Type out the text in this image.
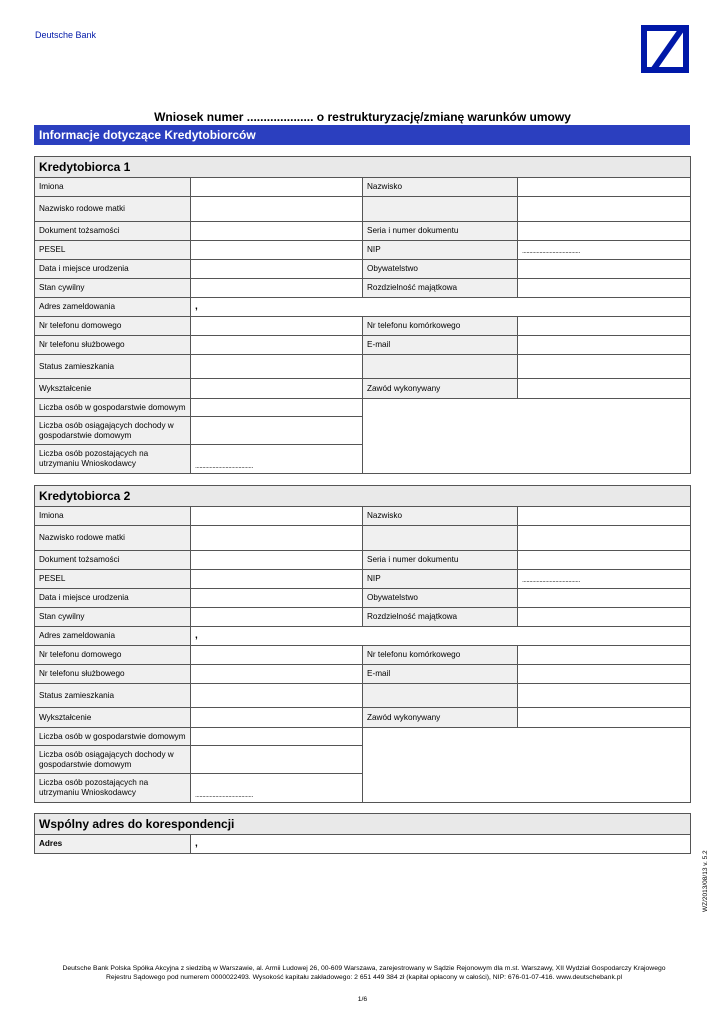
Deutsche Bank
Wniosek numer .................... o restrukturyzację/zmianę warunków umowy
Informacje dotyczące Kredytobiorców
Kredytobiorca 1			
Imiona		Nazwisko	
Nazwisko rodowe matki			
Dokument tożsamości		Seria i numer dokumentu	
PESEL		NIP	........................................

Data i miejsce urodzenia		Obywatelstwo	
Stan cywilny		Rozdzielność majątkowa	
Adres zameldowania	,		
Nr telefonu domowego		Nr telefonu komórkowego	
Nr telefonu służbowego		E-mail	
Status zamieszkania			
Wykształcenie		Zawód wykonywany	
Liczba osób w gospodarstwie domowym			
Liczba osób osiągających dochody w gospodarstwie domowym			
Liczba osób pozostających na utrzymaniu Wnioskodawcy	........................................		
Kredytobiorca 2			
Imiona		Nazwisko	
Nazwisko rodowe matki			
Dokument tożsamości		Seria i numer dokumentu	
PESEL		NIP	........................................

Data i miejsce urodzenia		Obywatelstwo	
Stan cywilny		Rozdzielność majątkowa	
Adres zameldowania	,		
Nr telefonu domowego		Nr telefonu komórkowego	
Nr telefonu służbowego		E-mail	
Status zamieszkania			
Wykształcenie		Zawód wykonywany	
Liczba osób w gospodarstwie domowym			
Liczba osób osiągających dochody w gospodarstwie domowym			
Liczba osób pozostających na utrzymaniu Wnioskodawcy	........................................		
Wspólny adres do korespondencji
Adres	,
WZ/2013/08/13 v. 5.2
Deutsche Bank Polska Spółka Akcyjna z siedzibą w Warszawie, al. Armii Ludowej 26, 00-609 Warszawa, zarejestrowany w Sądzie Rejonowym dla m.st. Warszawy, XII Wydział Gospodarczy Krajowego
Rejestru Sądowego pod numerem 0000022493. Wysokość kapitału zakładowego: 2 651 449 384 zł (kapitał opłacony w całości), NIP: 676-01-07-416. www.deutschebank.pl
1/6
